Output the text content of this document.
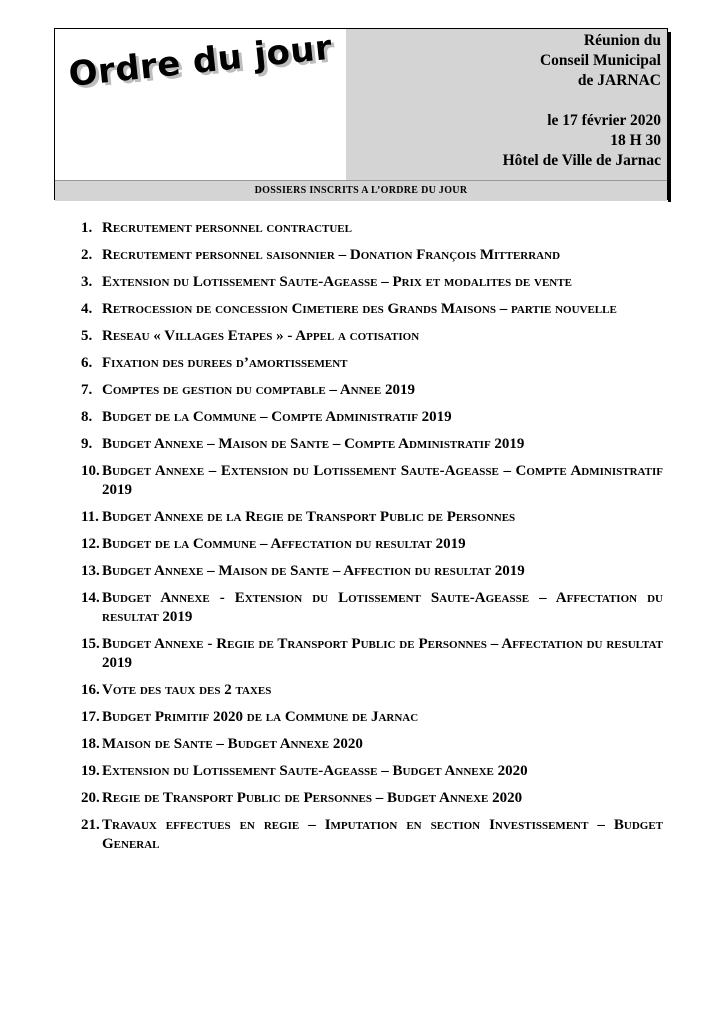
Ordre du jour	Réunion du
Conseil Municipal
de JARNAC
le 17 février 2020
18 H 30
Hôtel de Ville de Jarnac
DOSSIERS INSCRITS A L’ORDRE DU JOUR
1. Recrutement personnel contractuel
2. Recrutement personnel saisonnier – Donation François Mitterrand
3. Extension du Lotissement Saute-Ageasse – Prix et modalites de vente
4. Retrocession de concession Cimetiere des Grands Maisons – partie nouvelle
5. Reseau « Villages Etapes » - Appel a cotisation
6. Fixation des durees d’amortissement
7. Comptes de gestion du comptable – Annee 2019
8. Budget de la Commune – Compte Administratif 2019
9. Budget Annexe – Maison de Sante – Compte Administratif 2019
10. Budget Annexe – Extension du Lotissement Saute-Ageasse – Compte Administratif 2019
11. Budget Annexe de la Regie de Transport Public de Personnes
12. Budget de la Commune – Affectation du resultat 2019
13. Budget Annexe – Maison de Sante – Affection du resultat 2019
14. Budget Annexe - Extension du Lotissement Saute-Ageasse – Affectation du resultat 2019
15. Budget Annexe - Regie de Transport Public de Personnes – Affectation du resultat 2019
16. Vote des taux des 2 taxes
17. Budget Primitif 2020 de la Commune de Jarnac
18. Maison de Sante – Budget Annexe 2020
19. Extension du Lotissement Saute-Ageasse – Budget Annexe 2020
20. Regie de Transport Public de Personnes – Budget Annexe 2020
21. Travaux effectues en regie – Imputation en section Investissement – Budget General
